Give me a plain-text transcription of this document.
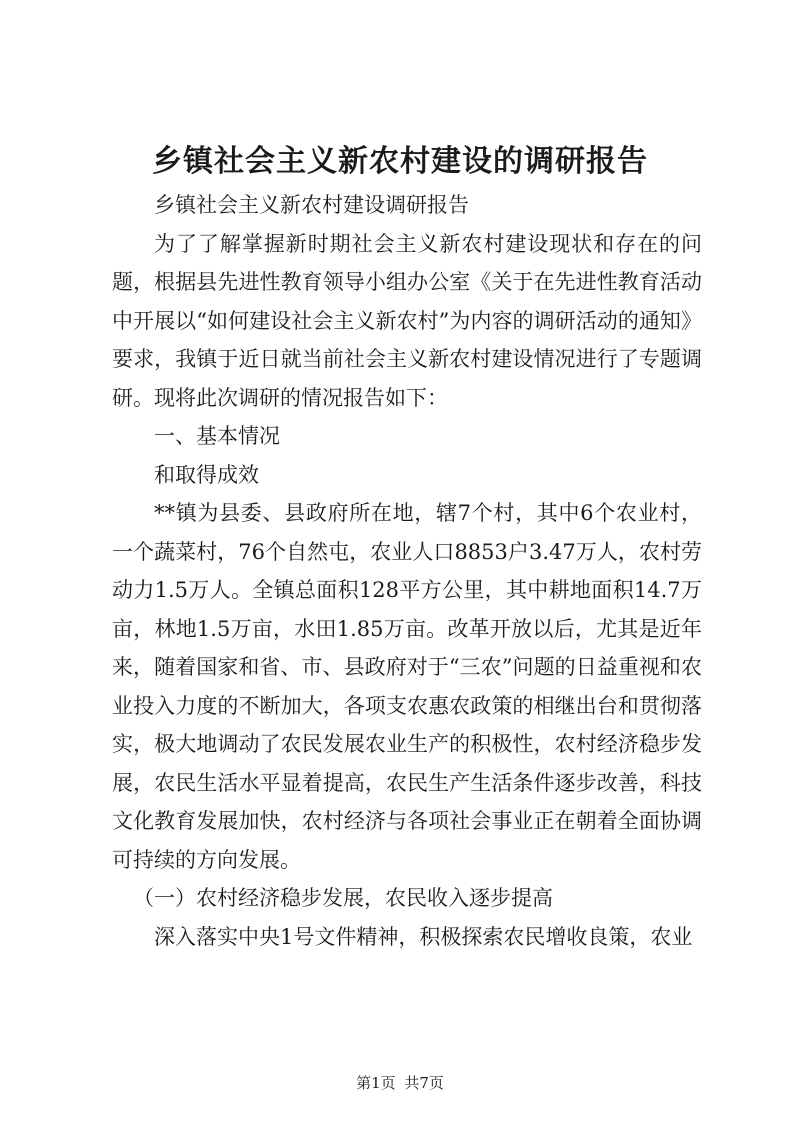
乡镇社会主义新农村建设的调研报告

乡镇社会主义新农村建设调研报告

为了了解掌握新时期社会主义新农村建设现状和存在的问题，根据县先进性教育领导小组办公室《关于在先进性教育活动中开展以“如何建设社会主义新农村”为内容的调研活动的通知》要求，我镇于近日就当前社会主义新农村建设情况进行了专题调研。现将此次调研的情况报告如下：

一、基本情况

和取得成效

**镇为县委、县政府所在地，辖7个村，其中6个农业村，一个蔬菜村，76个自然屯，农业人口8853户3.47万人，农村劳动力1.5万人。全镇总面积128平方公里，其中耕地面积14.7万亩，林地1.5万亩，水田1.85万亩。改革开放以后，尤其是近年来，随着国家和省、市、县政府对于“三农”问题的日益重视和农业投入力度的不断加大，各项支农惠农政策的相继出台和贯彻落实，极大地调动了农民发展农业生产的积极性，农村经济稳步发展，农民生活水平显着提高，农民生产生活条件逐步改善，科技文化教育发展加快，农村经济与各项社会事业正在朝着全面协调可持续的方向发展。

（一）农村经济稳步发展，农民收入逐步提高

深入落实中央1号文件精神，积极探索农民增收良策，农业

第1页 共7页
